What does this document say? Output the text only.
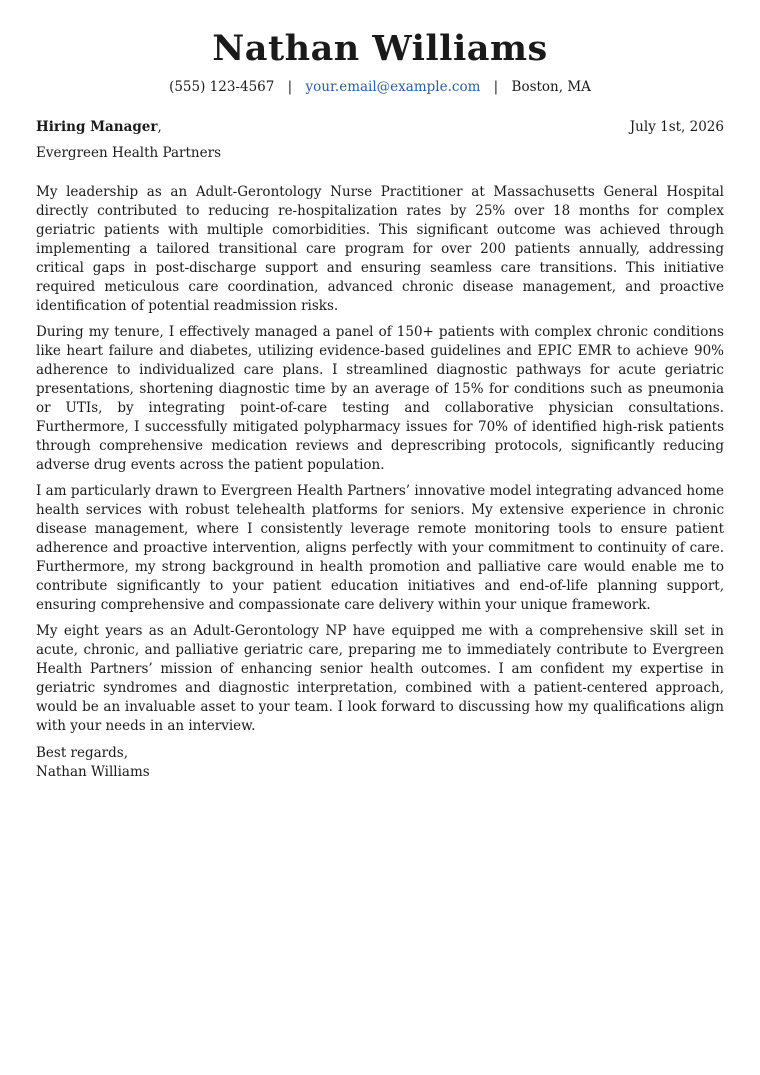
Nathan Williams
(555) 123-4567 | your.email@example.com | Boston, MA
Hiring Manager,	July 1st, 2026
Evergreen Health Partners

My leadership as an Adult-Gerontology Nurse Practitioner at Massachusetts General Hospital directly contributed to reducing re-hospitalization rates by 25% over 18 months for complex geriatric patients with multiple comorbidities. This significant outcome was achieved through implementing a tailored transitional care program for over 200 patients annually, addressing critical gaps in post-discharge support and ensuring seamless care transitions. This initiative required meticulous care coordination, advanced chronic disease management, and proactive identification of potential readmission risks.

During my tenure, I effectively managed a panel of 150+ patients with complex chronic conditions like heart failure and diabetes, utilizing evidence-based guidelines and EPIC EMR to achieve 90% adherence to individualized care plans. I streamlined diagnostic pathways for acute geriatric presentations, shortening diagnostic time by an average of 15% for conditions such as pneumonia or UTIs, by integrating point-of-care testing and collaborative physician consultations. Furthermore, I successfully mitigated polypharmacy issues for 70% of identified high-risk patients through comprehensive medication reviews and deprescribing protocols, significantly reducing adverse drug events across the patient population.

I am particularly drawn to Evergreen Health Partners’ innovative model integrating advanced home health services with robust telehealth platforms for seniors. My extensive experience in chronic disease management, where I consistently leverage remote monitoring tools to ensure patient adherence and proactive intervention, aligns perfectly with your commitment to continuity of care. Furthermore, my strong background in health promotion and palliative care would enable me to contribute significantly to your patient education initiatives and end-of-life planning support, ensuring comprehensive and compassionate care delivery within your unique framework.

My eight years as an Adult-Gerontology NP have equipped me with a comprehensive skill set in acute, chronic, and palliative geriatric care, preparing me to immediately contribute to Evergreen Health Partners’ mission of enhancing senior health outcomes. I am confident my expertise in geriatric syndromes and diagnostic interpretation, combined with a patient-centered approach, would be an invaluable asset to your team. I look forward to discussing how my qualifications align with your needs in an interview.

Best regards,
Nathan Williams
